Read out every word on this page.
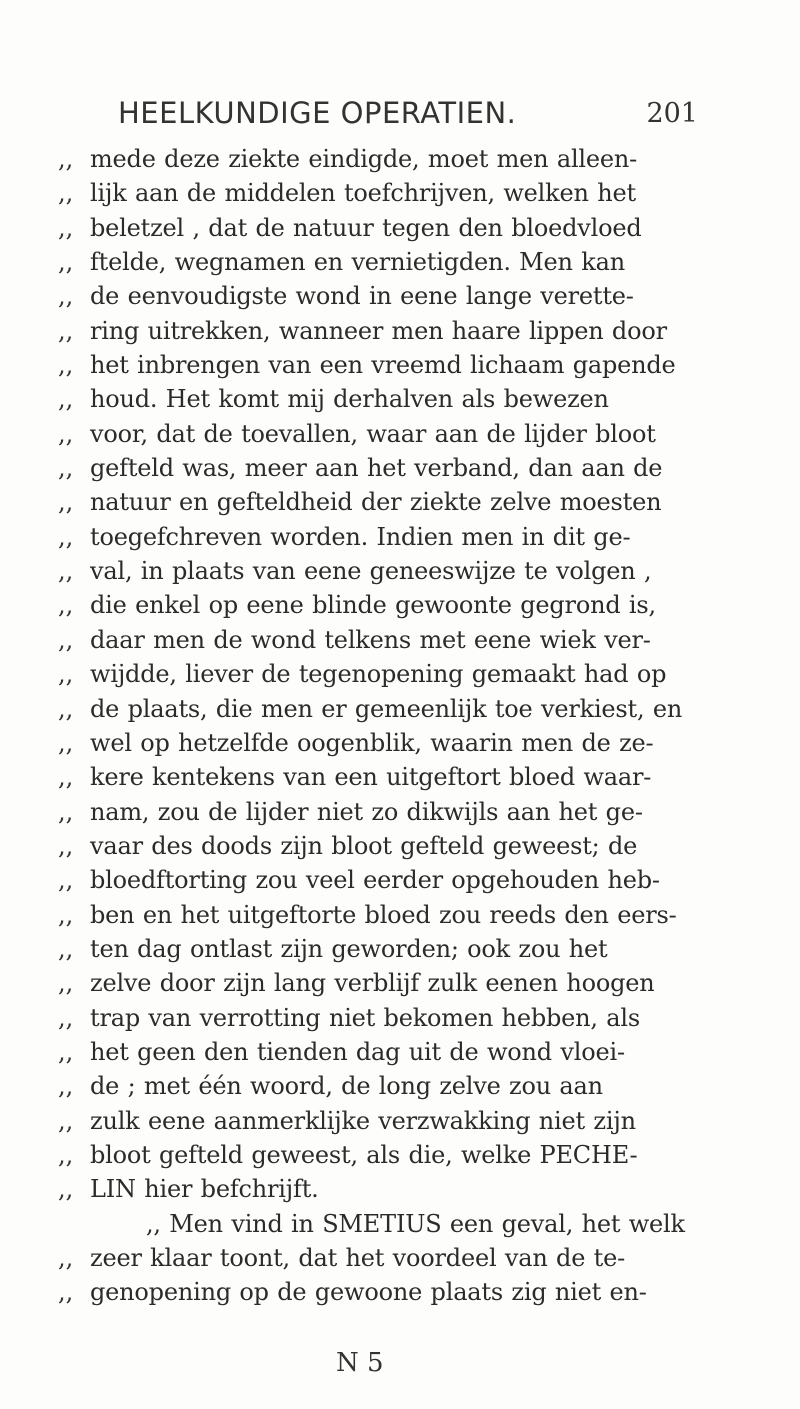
HEELKUNDIGE OPERATIEN.	201
,, mede deze ziekte eindigde, moet men alleen-
,, lijk aan de middelen toefchrijven, welken het
,, beletzel , dat de natuur tegen den bloedvloed
,, ftelde, wegnamen en vernietigden. Men kan
,, de eenvoudigste wond in eene lange verette-
,, ring uitrekken, wanneer men haare lippen door
,, het inbrengen van een vreemd lichaam gapende
,, houd. Het komt mij derhalven als bewezen
,, voor, dat de toevallen, waar aan de lijder bloot
,, gefteld was, meer aan het verband, dan aan de
,, natuur en gefteldheid der ziekte zelve moesten
,, toegefchreven worden. Indien men in dit ge-
,, val, in plaats van eene geneeswijze te volgen ,
,, die enkel op eene blinde gewoonte gegrond is,
,, daar men de wond telkens met eene wiek ver-
,, wijdde, liever de tegenopening gemaakt had op
,, de plaats, die men er gemeenlijk toe verkiest, en
,, wel op hetzelfde oogenblik, waarin men de ze-
,, kere kentekens van een uitgeftort bloed waar-
,, nam, zou de lijder niet zo dikwijls aan het ge-
,, vaar des doods zijn bloot gefteld geweest; de
,, bloedftorting zou veel eerder opgehouden heb-
,, ben en het uitgeftorte bloed zou reeds den eers-
,, ten dag ontlast zijn geworden; ook zou het
,, zelve door zijn lang verblijf zulk eenen hoogen
,, trap van verrotting niet bekomen hebben, als
,, het geen den tienden dag uit de wond vloei-
,, de ; met één woord, de long zelve zou aan
,, zulk eene aanmerklijke verzwakking niet zijn
,, bloot gefteld geweest, als die, welke PECHE-
,, LIN hier befchrijft.
,, Men vind in SMETIUS een geval, het welk
,, zeer klaar toont, dat het voordeel van de te-
,, genopening op de gewoone plaats zig niet en-
N 5
